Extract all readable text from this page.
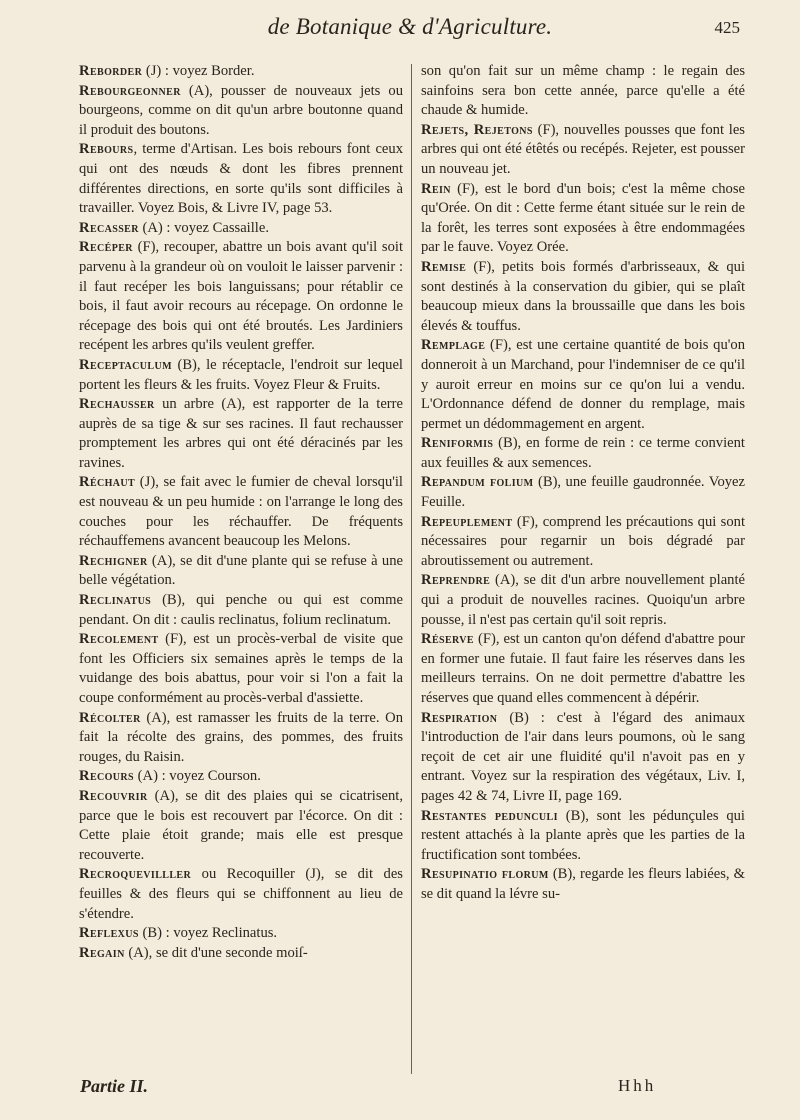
de Botanique & d'Agriculture.	425

Reborder (J) : voyez Border.

Rebourgeonner (A), pousser de nouveaux jets ou bourgeons, comme on dit qu'un arbre boutonne quand il produit des boutons.

Rebours, terme d'Artisan. Les bois rebours font ceux qui ont des nœuds & dont les fibres prennent différentes directions, en sorte qu'ils sont difficiles à travailler. Voyez Bois, & Livre IV, page 53.

Recasser (A) : voyez Cassaille.

Recéper (F), recouper, abattre un bois avant qu'il soit parvenu à la grandeur où on vouloit le laisser parvenir : il faut recéper les bois languissans; pour rétablir ce bois, il faut avoir recours au récepage. On ordonne le récepage des bois qui ont été broutés. Les Jardiniers recépent les arbres qu'ils veulent greffer.

Receptaculum (B), le réceptacle, l'endroit sur lequel portent les fleurs & les fruits. Voyez Fleur & Fruits.

Rechausser un arbre (A), est rapporter de la terre auprès de sa tige & sur ses racines. Il faut rechausser promptement les arbres qui ont été déracinés par les ravines.

Réchaut (J), se fait avec le fumier de cheval lorsqu'il est nouveau & un peu humide : on l'arrange le long des couches pour les réchauffer. De fréquents réchauffemens avancent beaucoup les Melons.

Rechigner (A), se dit d'une plante qui se refuse à une belle végétation.

Reclinatus (B), qui penche ou qui est comme pendant. On dit : caulis reclinatus, folium reclinatum.

Recolement (F), est un procès-verbal de visite que font les Officiers six semaines après le temps de la vuidange des bois abattus, pour voir si l'on a fait la coupe conformément au procès-verbal d'assiette.

Récolter (A), est ramasser les fruits de la terre. On fait la récolte des grains, des pommes, des fruits rouges, du Raisin.

Recours (A) : voyez Courson.

Recouvrir (A), se dit des plaies qui se cicatrisent, parce que le bois est recouvert par l'écorce. On dit : Cette plaie étoit grande; mais elle est presque recouverte.

Recroquevilller ou Recoquiller (J), se dit des feuilles & des fleurs qui se chiffonnent au lieu de s'étendre.

Reflexus (B) : voyez Reclinatus.

Regain (A), se dit d'une seconde moiſ-

son qu'on fait sur un même champ : le regain des sainfoins sera bon cette année, parce qu'elle a été chaude & humide.

Rejets, Rejetons (F), nouvelles pousses que font les arbres qui ont été étêtés ou recépés. Rejeter, est pousser un nouveau jet.

Rein (F), est le bord d'un bois; c'est la même chose qu'Orée. On dit : Cette ferme étant située sur le rein de la forêt, les terres sont exposées à être endommagées par le fauve. Voyez Orée.

Remise (F), petits bois formés d'arbrisseaux, & qui sont destinés à la conservation du gibier, qui se plaît beaucoup mieux dans la broussaille que dans les bois élevés & touffus.

Remplage (F), est une certaine quantité de bois qu'on donneroit à un Marchand, pour l'indemniser de ce qu'il y auroit erreur en moins sur ce qu'on lui a vendu. L'Ordonnance défend de donner du remplage, mais permet un dédommagement en argent.

Reniformis (B), en forme de rein : ce terme convient aux feuilles & aux semences.

Repandum folium (B), une feuille gaudronnée. Voyez Feuille.

Repeuplement (F), comprend les précautions qui sont nécessaires pour regarnir un bois dégradé par abroutissement ou autrement.

Reprendre (A), se dit d'un arbre nouvellement planté qui a produit de nouvelles racines. Quoiqu'un arbre pousse, il n'est pas certain qu'il soit repris.

Réserve (F), est un canton qu'on défend d'abattre pour en former une futaie. Il faut faire les réserves dans les meilleurs terrains. On ne doit permettre d'abattre les réserves que quand elles commencent à dépérir.

Respiration (B) : c'est à l'égard des animaux l'introduction de l'air dans leurs poumons, où le sang reçoit de cet air une fluidité qu'il n'avoit pas en y entrant. Voyez sur la respiration des végétaux, Liv. I, pages 42 & 74, Livre II, page 169.

Restantes pedunculi (B), sont les pédunçules qui restent attachés à la plante après que les parties de la fructification sont tombées.

Resupinatio florum (B), regarde les fleurs labiées, & se dit quand la lévre su-

Partie II.	Hhh
